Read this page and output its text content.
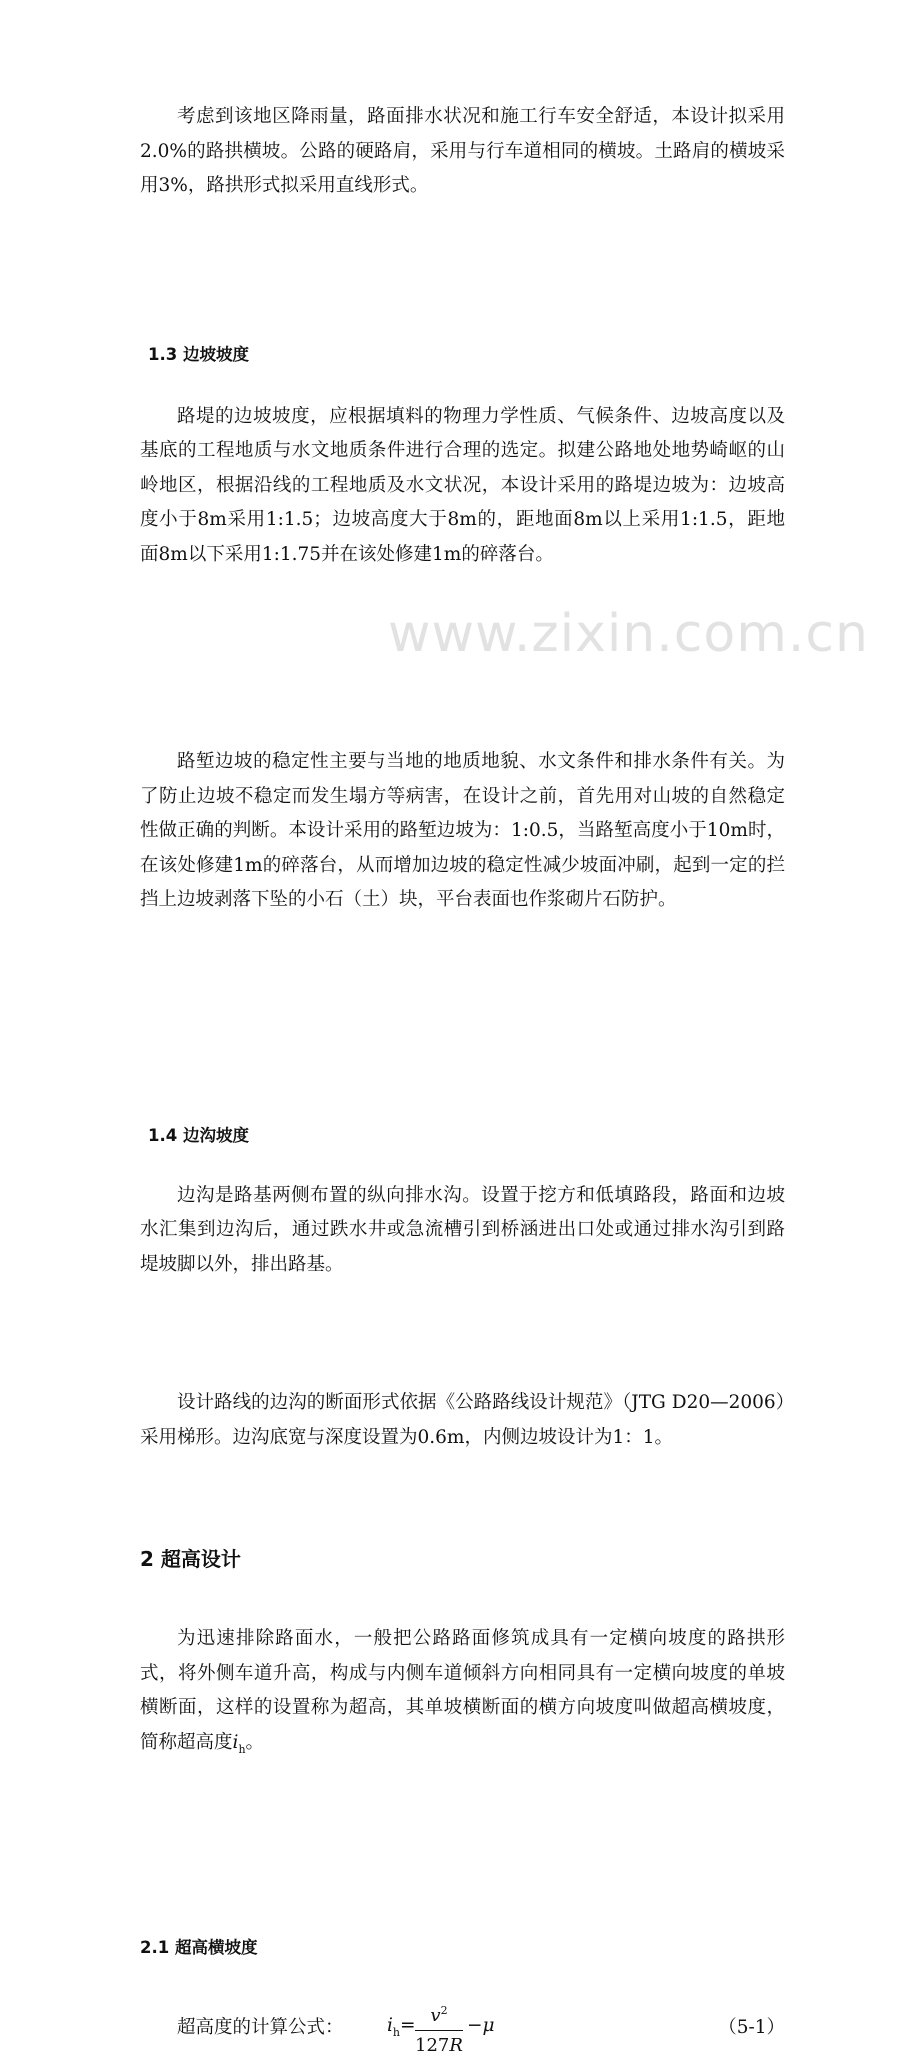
www.zixin.com.cn

考虑到该地区降雨量，路面排水状况和施工行车安全舒适，本设计拟采用2.0%的路拱横坡。公路的硬路肩，采用与行车道相同的横坡。土路肩的横坡采用3%，路拱形式拟采用直线形式。

1.3 边坡坡度

路堤的边坡坡度，应根据填料的物理力学性质、气候条件、边坡高度以及基底的工程地质与水文地质条件进行合理的选定。拟建公路地处地势崎岖的山岭地区，根据沿线的工程地质及水文状况，本设计采用的路堤边坡为：边坡高度小于8m采用1:1.5；边坡高度大于8m的，距地面8m以上采用1:1.5，距地面8m以下采用1:1.75并在该处修建1m的碎落台。

路堑边坡的稳定性主要与当地的地质地貌、水文条件和排水条件有关。为了防止边坡不稳定而发生塌方等病害，在设计之前，首先用对山坡的自然稳定性做正确的判断。本设计采用的路堑边坡为：1:0.5，当路堑高度小于10m时，在该处修建1m的碎落台，从而增加边坡的稳定性减少坡面冲刷，起到一定的拦挡上边坡剥落下坠的小石（土）块，平台表面也作浆砌片石防护。

1.4 边沟坡度

边沟是路基两侧布置的纵向排水沟。设置于挖方和低填路段，路面和边坡水汇集到边沟后，通过跌水井或急流槽引到桥涵进出口处或通过排水沟引到路堤坡脚以外，排出路基。

设计路线的边沟的断面形式依据《公路路线设计规范》（JTG D20—2006）采用梯形。边沟底宽与深度设置为0.6m，内侧边坡设计为1：1。

2 超高设计

为迅速排除路面水，一般把公路路面修筑成具有一定横向坡度的路拱形式，将外侧车道升高，构成与内侧车道倾斜方向相同具有一定横向坡度的单坡横断面，这样的设置称为超高，其单坡横断面的横方向坡度叫做超高横坡度，简称超高度$i_h$。

2.1 超高横坡度
超高度的计算公式： $i_h= v^2$
127R
−μ	（5-1）
